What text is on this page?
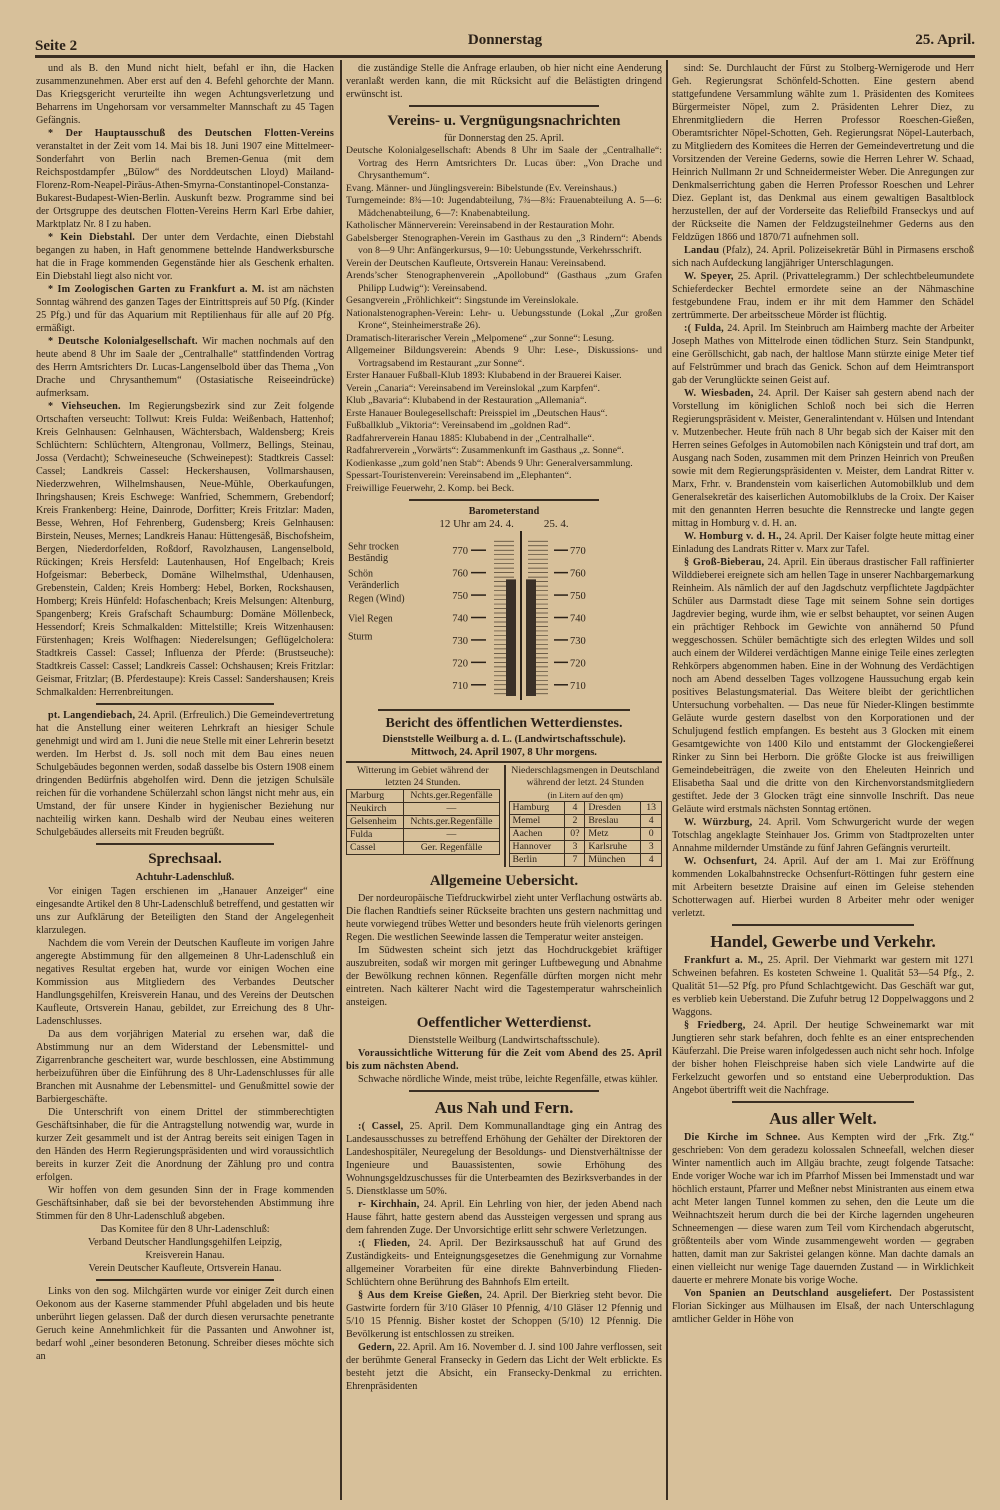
Seite 2	Donnerstag	25. April.

und als B. den Mund nicht hielt, befahl er ihn, die Hacken zusammenzunehmen. Aber erst auf den 4. Befehl gehorchte der Mann. Das Kriegsgericht verurteilte ihn wegen Achtungsverletzung und Beharrens im Ungehorsam vor versammelter Mannschaft zu 45 Tagen Gefängnis.

* Der Hauptausschuß des Deutschen Flotten-Vereins veranstaltet in der Zeit vom 14. Mai bis 18. Juni 1907 eine Mittelmeer-Sonderfahrt von Berlin nach Bremen-Genua (mit dem Reichspostdampfer „Bülow“ des Norddeutschen Lloyd) Mailand-Florenz-Rom-Neapel-Piräus-Athen-Smyrna-Constantinopel-Constanza-Bukarest-Budapest-Wien-Berlin. Auskunft bezw. Programme sind bei der Ortsgruppe des deutschen Flotten-Vereins Herrn Karl Erbe dahier, Marktplatz Nr. 8 I zu haben.

* Kein Diebstahl. Der unter dem Verdachte, einen Diebstahl begangen zu haben, in Haft genommene bettelnde Handwerksbursche hat die in Frage kommenden Gegenstände hier als Geschenk erhalten. Ein Diebstahl liegt also nicht vor.

* Im Zoologischen Garten zu Frankfurt a. M. ist am nächsten Sonntag während des ganzen Tages der Eintrittspreis auf 50 Pfg. (Kinder 25 Pfg.) und für das Aquarium mit Reptilienhaus für alle auf 20 Pfg. ermäßigt.

* Deutsche Kolonialgesellschaft. Wir machen nochmals auf den heute abend 8 Uhr im Saale der „Centralhalle“ stattfindenden Vortrag des Herrn Amtsrichters Dr. Lucas-Langenselbold über das Thema „Von Drache und Chrysanthemum“ (Ostasiatische Reiseeindrücke) aufmerksam.

* Viehseuchen. Im Regierungsbezirk sind zur Zeit folgende Ortschaften verseucht: Tollwut: Kreis Fulda: Weißenbach, Hattenhof; Kreis Gelnhausen: Gelnhausen, Wächtersbach, Waldensberg; Kreis Schlüchtern: Schlüchtern, Altengronau, Vollmerz, Bellings, Steinau, Jossa (Verdacht); Schweineseuche (Schweinepest): Stadtkreis Cassel: Cassel; Landkreis Cassel: Heckershausen, Vollmarshausen, Niederzwehren, Wilhelmshausen, Neue-Mühle, Oberkaufungen, Ihringshausen; Kreis Eschwege: Wanfried, Schemmern, Grebendorf; Kreis Frankenberg: Heine, Dainrode, Dorfitter; Kreis Fritzlar: Maden, Besse, Wehren, Hof Fehrenberg, Gudensberg; Kreis Gelnhausen: Birstein, Neuses, Mernes; Landkreis Hanau: Hüttengesäß, Bischofsheim, Bergen, Niederdorfelden, Roßdorf, Ravolzhausen, Langenselbold, Rückingen; Kreis Hersfeld: Lautenhausen, Hof Engelbach; Kreis Hofgeismar: Beberbeck, Domäne Wilhelmsthal, Udenhausen, Grebenstein, Calden; Kreis Homberg: Hebel, Borken, Rockshausen, Homberg; Kreis Hünfeld: Hofaschenbach; Kreis Melsungen: Altenburg, Spangenberg; Kreis Grafschaft Schaumburg: Domäne Möllenbeck, Hessendorf; Kreis Schmalkalden: Mittelstille; Kreis Witzenhausen: Fürstenhagen; Kreis Wolfhagen: Niederelsungen; Geflügelcholera: Stadtkreis Cassel: Cassel; Influenza der Pferde: (Brustseuche): Stadtkreis Cassel: Cassel; Landkreis Cassel: Ochshausen; Kreis Fritzlar: Geismar, Fritzlar; (B. Pferdestaupe): Kreis Cassel: Sandershausen; Kreis Schmalkalden: Herrenbreitungen.

pt. Langendiebach, 24. April. (Erfreulich.) Die Gemeindevertretung hat die Anstellung einer weiteren Lehrkraft an hiesiger Schule genehmigt und wird am 1. Juni die neue Stelle mit einer Lehrerin besetzt werden. Im Herbst d. Js. soll noch mit dem Bau eines neuen Schulgebäudes begonnen werden, sodaß dasselbe bis Ostern 1908 einem dringenden Bedürfnis abgeholfen wird. Denn die jetzigen Schulsäle reichen für die vorhandene Schülerzahl schon längst nicht mehr aus, ein Umstand, der für unsere Kinder in hygienischer Beziehung nur nachteilig wirken kann. Deshalb wird der Neubau eines weiteren Schulgebäudes allerseits mit Freuden begrüßt.

Sprechsaal.
Achtuhr-Ladenschluß.

Vor einigen Tagen erschienen im „Hanauer Anzeiger“ eine eingesandte Artikel den 8 Uhr-Ladenschluß betreffend, und gestatten wir uns zur Aufklärung der Beteiligten den Stand der Angelegenheit klarzulegen.

Nachdem die vom Verein der Deutschen Kaufleute im vorigen Jahre angeregte Abstimmung für den allgemeinen 8 Uhr-Ladenschluß ein negatives Resultat ergeben hat, wurde vor einigen Wochen eine Kommission aus Mitgliedern des Verbandes Deutscher Handlungsgehilfen, Kreisverein Hanau, und des Vereins der Deutschen Kaufleute, Ortsverein Hanau, gebildet, zur Erreichung des 8 Uhr-Ladenschlusses.

Da aus dem vorjährigen Material zu ersehen war, daß die Abstimmung nur an dem Widerstand der Lebensmittel- und Zigarrenbranche gescheitert war, wurde beschlossen, eine Abstimmung herbeizuführen über die Einführung des 8 Uhr-Ladenschlusses für alle Branchen mit Ausnahme der Lebensmittel- und Genußmittel sowie der Barbiergeschäfte.

Die Unterschrift von einem Drittel der stimmberechtigten Geschäftsinhaber, die für die Antragstellung notwendig war, wurde in kurzer Zeit gesammelt und ist der Antrag bereits seit einigen Tagen in den Händen des Herrn Regierungspräsidenten und wird voraussichtlich bereits in kurzer Zeit die Anordnung der Zählung pro und contra erfolgen.

Wir hoffen von dem gesunden Sinn der in Frage kommenden Geschäftsinhaber, daß sie bei der bevorstehenden Abstimmung ihre Stimmen für den 8 Uhr-Ladenschluß abgeben.

Das Komitee für den 8 Uhr-Ladenschluß:

Verband Deutscher Handlungsgehilfen Leipzig,

Kreisverein Hanau.

Verein Deutscher Kaufleute, Ortsverein Hanau.

Links von den sog. Milchgärten wurde vor einiger Zeit durch einen Oekonom aus der Kaserne stammender Pfuhl abgeladen und bis heute unberührt liegen gelassen. Daß der durch diesen verursachte penetrante Geruch keine Annehmlichkeit für die Passanten und Anwohner ist, bedarf wohl „einer besonderen Betonung. Schreiber dieses möchte sich an

die zuständige Stelle die Anfrage erlauben, ob hier nicht eine Aenderung veranlaßt werden kann, die mit Rücksicht auf die Belästigten dringend erwünscht ist.

Vereins- u. Vergnügungsnachrichten

für Donnerstag den 25. April.

Deutsche Kolonialgesellschaft: Abends 8 Uhr im Saale der „Centralhalle“: Vortrag des Herrn Amtsrichters Dr. Lucas über: „Von Drache und Chrysanthemum“.

Evang. Männer- und Jünglingsverein: Bibelstunde (Ev. Vereinshaus.)

Turngemeinde: 8¾—10: Jugendabteilung, 7¾—8¾: Frauenabteilung A. 5—6: Mädchenabteilung, 6—7: Knabenabteilung.

Katholischer Männerverein: Vereinsabend in der Restauration Mohr.

Gabelsberger Stenographen-Verein im Gasthaus zu den „3 Rindern“: Abends von 8—9 Uhr: Anfängerkursus, 9—10: Uebungsstunde, Verkehrsschrift.

Verein der Deutschen Kaufleute, Ortsverein Hanau: Vereinsabend.

Arends’scher Stenographenverein „Apollobund“ (Gasthaus „zum Grafen Philipp Ludwig“): Vereinsabend.

Gesangverein „Fröhlichkeit“: Singstunde im Vereinslokale.

Nationalstenographen-Verein: Lehr- u. Uebungsstunde (Lokal „Zur großen Krone“, Steinheimerstraße 26).

Dramatisch-literarischer Verein „Melpomene“ „zur Sonne“: Lesung.

Allgemeiner Bildungsverein: Abends 9 Uhr: Lese-, Diskussions- und Vortragsabend im Restaurant „zur Sonne“.

Erster Hanauer Fußball-Klub 1893: Klubabend in der Brauerei Kaiser.

Verein „Canaria“: Vereinsabend im Vereinslokal „zum Karpfen“.

Klub „Bavaria“: Klubabend in der Restauration „Allemania“.

Erste Hanauer Boulegesellschaft: Preisspiel im „Deutschen Haus“.

Fußballklub „Viktoria“: Vereinsabend im „goldnen Rad“.

Radfahrerverein Hanau 1885: Klubabend in der „Centralhalle“.

Radfahrerverein „Vorwärts“: Zusammenkunft im Gasthaus „z. Sonne“.

Kodienkasse „zum gold’nen Stab“: Abends 9 Uhr: Generalversammlung.

Spessart-Touristenverein: Vereinsabend im „Elephanten“.

Freiwillige Feuerwehr, 2. Komp. bei Beck.

Barometerstand
12 Uhr am 24. 4.	25. 4.
770	770
760	760
750	750
740	740
730	730
720	720
710	710
Sehr trocken
Beständig
Schön
Veränderlich
Regen (Wind)
Viel Regen
Sturm
Bericht des öffentlichen Wetterdienstes.
Dienststelle Weilburg a. d. L. (Landwirtschaftsschule).
Mittwoch, 24. April 1907, 8 Uhr morgens.
Witterung im Gebiet während der letzten 24 Stunden.
Marburg	Nchts.ger.Regenfälle
Neukirch	—
Gelsenheim	Nchts.ger.Regenfälle
Fulda	—
Cassel	Ger. Regenfälle
Niederschlagsmengen in Deutschland während der letzt. 24 Stunden
(in Litern auf den qm)
Hamburg	4	Dresden	13
Memel	2	Breslau	4
Aachen	0?	Metz	0
Hannover	3	Karlsruhe	3
Berlin	7	München	4
Allgemeine Uebersicht.

Der nordeuropäische Tiefdruckwirbel zieht unter Verflachung ostwärts ab. Die flachen Randtiefs seiner Rückseite brachten uns gestern nachmittag und heute vorwiegend trübes Wetter und besonders heute früh vielenorts geringen Regen. Die westlichen Seewinde lassen die Temperatur weiter ansteigen.

Im Südwesten scheint sich jetzt das Hochdruckgebiet kräftiger auszubreiten, sodaß wir morgen mit geringer Luftbewegung und Abnahme der Bewölkung rechnen können. Regenfälle dürften morgen nicht mehr eintreten. Nach kälterer Nacht wird die Tagestemperatur wahrscheinlich ansteigen.

Oeffentlicher Wetterdienst.

Dienststelle Weilburg (Landwirtschaftsschule).

Voraussichtliche Witterung für die Zeit vom Abend des 25. April bis zum nächsten Abend.

Schwache nördliche Winde, meist trübe, leichte Regenfälle, etwas kühler.

Aus Nah und Fern.

:( Cassel, 25. April. Dem Kommunallandtage ging ein Antrag des Landesausschusses zu betreffend Erhöhung der Gehälter der Direktoren der Landeshospitäler, Neuregelung der Besoldungs- und Dienstverhältnisse der Ingenieure und Bauassistenten, sowie Erhöhung des Wohnungsgeldzuschusses für die Unterbeamten des Bezirksverbandes in der 5. Dienstklasse um 50%.

r- Kirchhain, 24. April. Ein Lehrling von hier, der jeden Abend nach Hause fährt, hatte gestern abend das Aussteigen vergessen und sprang aus dem fahrenden Zuge. Der Unvorsichtige erlitt sehr schwere Verletzungen.

:( Flieden, 24. April. Der Bezirksausschuß hat auf Grund des Zuständigkeits- und Enteignungsgesetzes die Genehmigung zur Vornahme allgemeiner Vorarbeiten für eine direkte Bahnverbindung Flieden-Schlüchtern ohne Berührung des Bahnhofs Elm erteilt.

§ Aus dem Kreise Gießen, 24. April. Der Bierkrieg steht bevor. Die Gastwirte fordern für 3/10 Gläser 10 Pfennig, 4/10 Gläser 12 Pfennig und 5/10 15 Pfennig. Bisher kostet der Schoppen (5/10) 12 Pfennig. Die Bevölkerung ist entschlossen zu streiken.

Gedern, 22. April. Am 16. November d. J. sind 100 Jahre verflossen, seit der berühmte General Fransecky in Gedern das Licht der Welt erblickte. Es besteht jetzt die Absicht, ein Fransecky-Denkmal zu errichten. Ehrenpräsidenten

sind: Se. Durchlaucht der Fürst zu Stolberg-Wernigerode und Herr Geh. Regierungsrat Schönfeld-Schotten. Eine gestern abend stattgefundene Versammlung wählte zum 1. Präsidenten des Komitees Bürgermeister Nöpel, zum 2. Präsidenten Lehrer Diez, zu Ehrenmitgliedern die Herren Professor Roeschen-Gießen, Oberamtsrichter Nöpel-Schotten, Geh. Regierungsrat Nöpel-Lauterbach, zu Mitgliedern des Komitees die Herren der Gemeindevertretung und die Vorsitzenden der Vereine Gederns, sowie die Herren Lehrer W. Schaad, Heinrich Nullmann 2r und Schneidermeister Weber. Die Anregungen zur Denkmalserrichtung gaben die Herren Professor Roeschen und Lehrer Diez. Geplant ist, das Denkmal aus einem gewaltigen Basaltblock herzustellen, der auf der Vorderseite das Reliefbild Franseckys und auf der Rückseite die Namen der Feldzugsteilnehmer Gederns aus den Feldzügen 1866 und 1870/71 aufnehmen soll.

Landau (Pfalz), 24. April. Polizeisekretär Bühl in Pirmasens erschoß sich nach Aufdeckung langjähriger Unterschlagungen.

W. Speyer, 25. April. (Privattelegramm.) Der schlechtbeleumundete Schieferdecker Bechtel ermordete seine an der Nähmaschine festgebundene Frau, indem er ihr mit dem Hammer den Schädel zertrümmerte. Der arbeitsscheue Mörder ist flüchtig.

:( Fulda, 24. April. Im Steinbruch am Haimberg machte der Arbeiter Joseph Mathes von Mittelrode einen tödlichen Sturz. Sein Standpunkt, eine Geröllschicht, gab nach, der haltlose Mann stürzte einige Meter tief auf Felstrümmer und brach das Genick. Schon auf dem Heimtransport gab der Verunglückte seinen Geist auf.

W. Wiesbaden, 24. April. Der Kaiser sah gestern abend nach der Vorstellung im königlichen Schloß noch bei sich die Herren Regierungspräsident v. Meister, Generalintendant v. Hülsen und Intendant v. Mutzenbecher. Heute früh nach 8 Uhr begab sich der Kaiser mit den Herren seines Gefolges in Automobilen nach Königstein und traf dort, am Ausgang nach Soden, zusammen mit dem Prinzen Heinrich von Preußen sowie mit dem Regierungspräsidenten v. Meister, dem Landrat Ritter v. Marx, Frhr. v. Brandenstein vom kaiserlichen Automobilklub und dem Generalsekretär des kaiserlichen Automobilklubs de la Croix. Der Kaiser mit den genannten Herren besuchte die Rennstrecke und langte gegen mittag in Homburg v. d. H. an.

W. Homburg v. d. H., 24. April. Der Kaiser folgte heute mittag einer Einladung des Landrats Ritter v. Marx zur Tafel.

§ Groß-Bieberau, 24. April. Ein überaus drastischer Fall raffinierter Wilddieberei ereignete sich am hellen Tage in unserer Nachbargemarkung Reinheim. Als nämlich der auf den Jagdschutz verpflichtete Jagdpächter Schüler aus Darmstadt diese Tage mit seinem Sohne sein dortiges Jagdrevier beging, wurde ihm, wie er selbst behauptet, vor seinen Augen ein prächtiger Rehbock im Gewichte von annähernd 50 Pfund weggeschossen. Schüler bemächtigte sich des erlegten Wildes und soll auch einem der Wilderei verdächtigen Manne einige Teile eines zerlegten Rehkörpers abgenommen haben. Eine in der Wohnung des Verdächtigen noch am Abend desselben Tages vollzogene Haussuchung ergab kein positives Belastungsmaterial. Das Weitere bleibt der gerichtlichen Untersuchung vorbehalten. — Das neue für Nieder-Klingen bestimmte Geläute wurde gestern daselbst von den Korporationen und der Schuljugend festlich empfangen. Es besteht aus 3 Glocken mit einem Gesamtgewichte von 1400 Kilo und entstammt der Glockengießerei Rinker zu Sinn bei Herborn. Die größte Glocke ist aus freiwilligen Gemeindebeiträgen, die zweite von den Eheleuten Heinrich und Elisabetha Saal und die dritte von den Kirchenvorstandsmitgliedern gestiftet. Jede der 3 Glocken trägt eine sinnvolle Inschrift. Das neue Geläute wird erstmals nächsten Sonntag ertönen.

W. Würzburg, 24. April. Vom Schwurgericht wurde der wegen Totschlag angeklagte Steinhauer Jos. Grimm von Stadtprozelten unter Annahme mildernder Umstände zu fünf Jahren Gefängnis verurteilt.

W. Ochsenfurt, 24. April. Auf der am 1. Mai zur Eröffnung kommenden Lokalbahnstrecke Ochsenfurt-Röttingen fuhr gestern eine mit Arbeitern besetzte Draisine auf einen im Geleise stehenden Schotterwagen auf. Hierbei wurden 8 Arbeiter mehr oder weniger verletzt.

Handel, Gewerbe und Verkehr.

Frankfurt a. M., 25. April. Der Viehmarkt war gestern mit 1271 Schweinen befahren. Es kosteten Schweine 1. Qualität 53—54 Pfg., 2. Qualität 51—52 Pfg. pro Pfund Schlachtgewicht. Das Geschäft war gut, es verblieb kein Ueberstand. Die Zufuhr betrug 12 Doppelwaggons und 2 Waggons.

§ Friedberg, 24. April. Der heutige Schweinemarkt war mit Jungtieren sehr stark befahren, doch fehlte es an einer entsprechenden Käuferzahl. Die Preise waren infolgedessen auch nicht sehr hoch. Infolge der bisher hohen Fleischpreise haben sich viele Landwirte auf die Ferkelzucht geworfen und so entstand eine Ueberproduktion. Das Angebot übertrifft weit die Nachfrage.

Aus aller Welt.

Die Kirche im Schnee. Aus Kempten wird der „Frk. Ztg.“ geschrieben: Von dem geradezu kolossalen Schneefall, welchen dieser Winter namentlich auch im Allgäu brachte, zeugt folgende Tatsache: Ende voriger Woche war ich im Pfarrhof Missen bei Immenstadt und war höchlich erstaunt, Pfarrer und Meßner nebst Ministranten aus einem etwa acht Meter langen Tunnel kommen zu sehen, den die Leute um die Weihnachtszeit herum durch die bei der Kirche lagernden ungeheuren Schneemengen — diese waren zum Teil vom Kirchendach abgerutscht, größtenteils aber vom Winde zusammengeweht worden — gegraben hatten, damit man zur Sakristei gelangen könne. Man dachte damals an einen vielleicht nur wenige Tage dauernden Zustand — in Wirklichkeit dauerte er mehrere Monate bis vorige Woche.

Von Spanien an Deutschland ausgeliefert. Der Postassistent Florian Sickinger aus Mülhausen im Elsaß, der nach Unterschlagung amtlicher Gelder in Höhe von
